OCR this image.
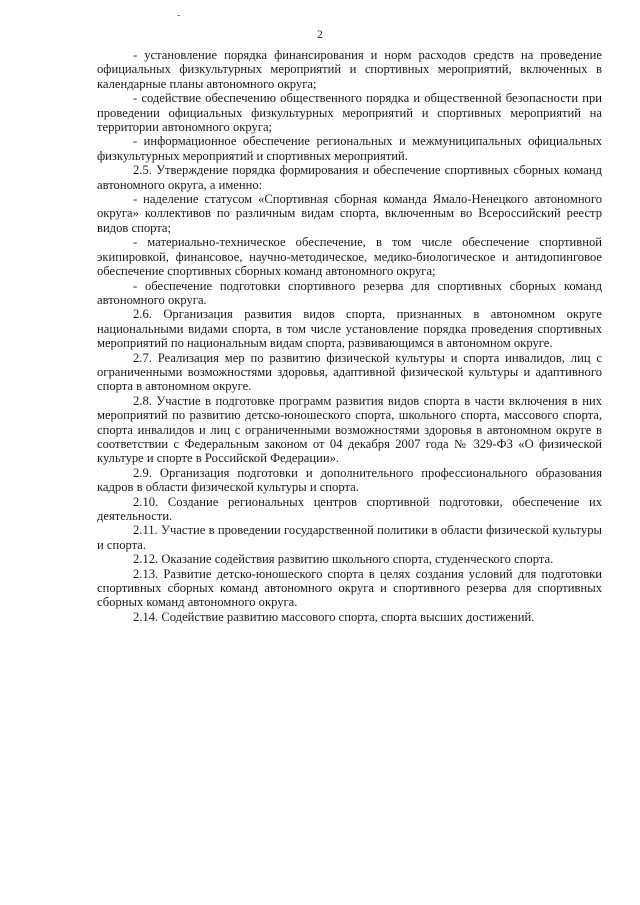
-
2

- установление порядка финансирования и норм расходов средств на проведение официальных физкультурных мероприятий и спортивных мероприятий, включенных в календарные планы автономного округа;

- содействие обеспечению общественного порядка и общественной безопасности при проведении официальных физкультурных мероприятий и спортивных мероприятий на территории автономного округа;

- информационное обеспечение региональных и межмуниципальных официальных физкультурных мероприятий и спортивных мероприятий.

2.5. Утверждение порядка формирования и обеспечение спортивных сборных команд автономного округа, а именно:

- наделение статусом «Спортивная сборная команда Ямало-Ненецкого автономного округа» коллективов по различным видам спорта, включенным во Всероссийский реестр видов спорта;

- материально-техническое обеспечение, в том числе обеспечение спортивной экипировкой, финансовое, научно-методическое, медико-биологическое и антидопинговое обеспечение спортивных сборных команд автономного округа;

- обеспечение подготовки спортивного резерва для спортивных сборных команд автономного округа.

2.6. Организация развития видов спорта, признанных в автономном округе национальными видами спорта, в том числе установление порядка проведения спортивных мероприятий по национальным видам спорта, развивающимся в автономном округе.

2.7. Реализация мер по развитию физической культуры и спорта инвалидов, лиц с ограниченными возможностями здоровья, адаптивной физической культуры и адаптивного спорта в автономном округе.

2.8. Участие в подготовке программ развития видов спорта в части включения в них мероприятий по развитию детско-юношеского спорта, школьного спорта, массового спорта, спорта инвалидов и лиц с ограниченными возможностями здоровья в автономном округе в соответствии с Федеральным законом от 04 декабря 2007 года № 329-ФЗ «О физической культуре и спорте в Российской Федерации».

2.9. Организация подготовки и дополнительного профессионального образования кадров в области физической культуры и спорта.

2.10. Создание региональных центров спортивной подготовки, обеспечение их деятельности.

2.11. Участие в проведении государственной политики в области физической культуры и спорта.

2.12. Оказание содействия развитию школьного спорта, студенческого спорта.

2.13. Развитие детско-юношеского спорта в целях создания условий для подготовки спортивных сборных команд автономного округа и спортивного резерва для спортивных сборных команд автономного округа.

2.14. Содействие развитию массового спорта, спорта высших достижений.
